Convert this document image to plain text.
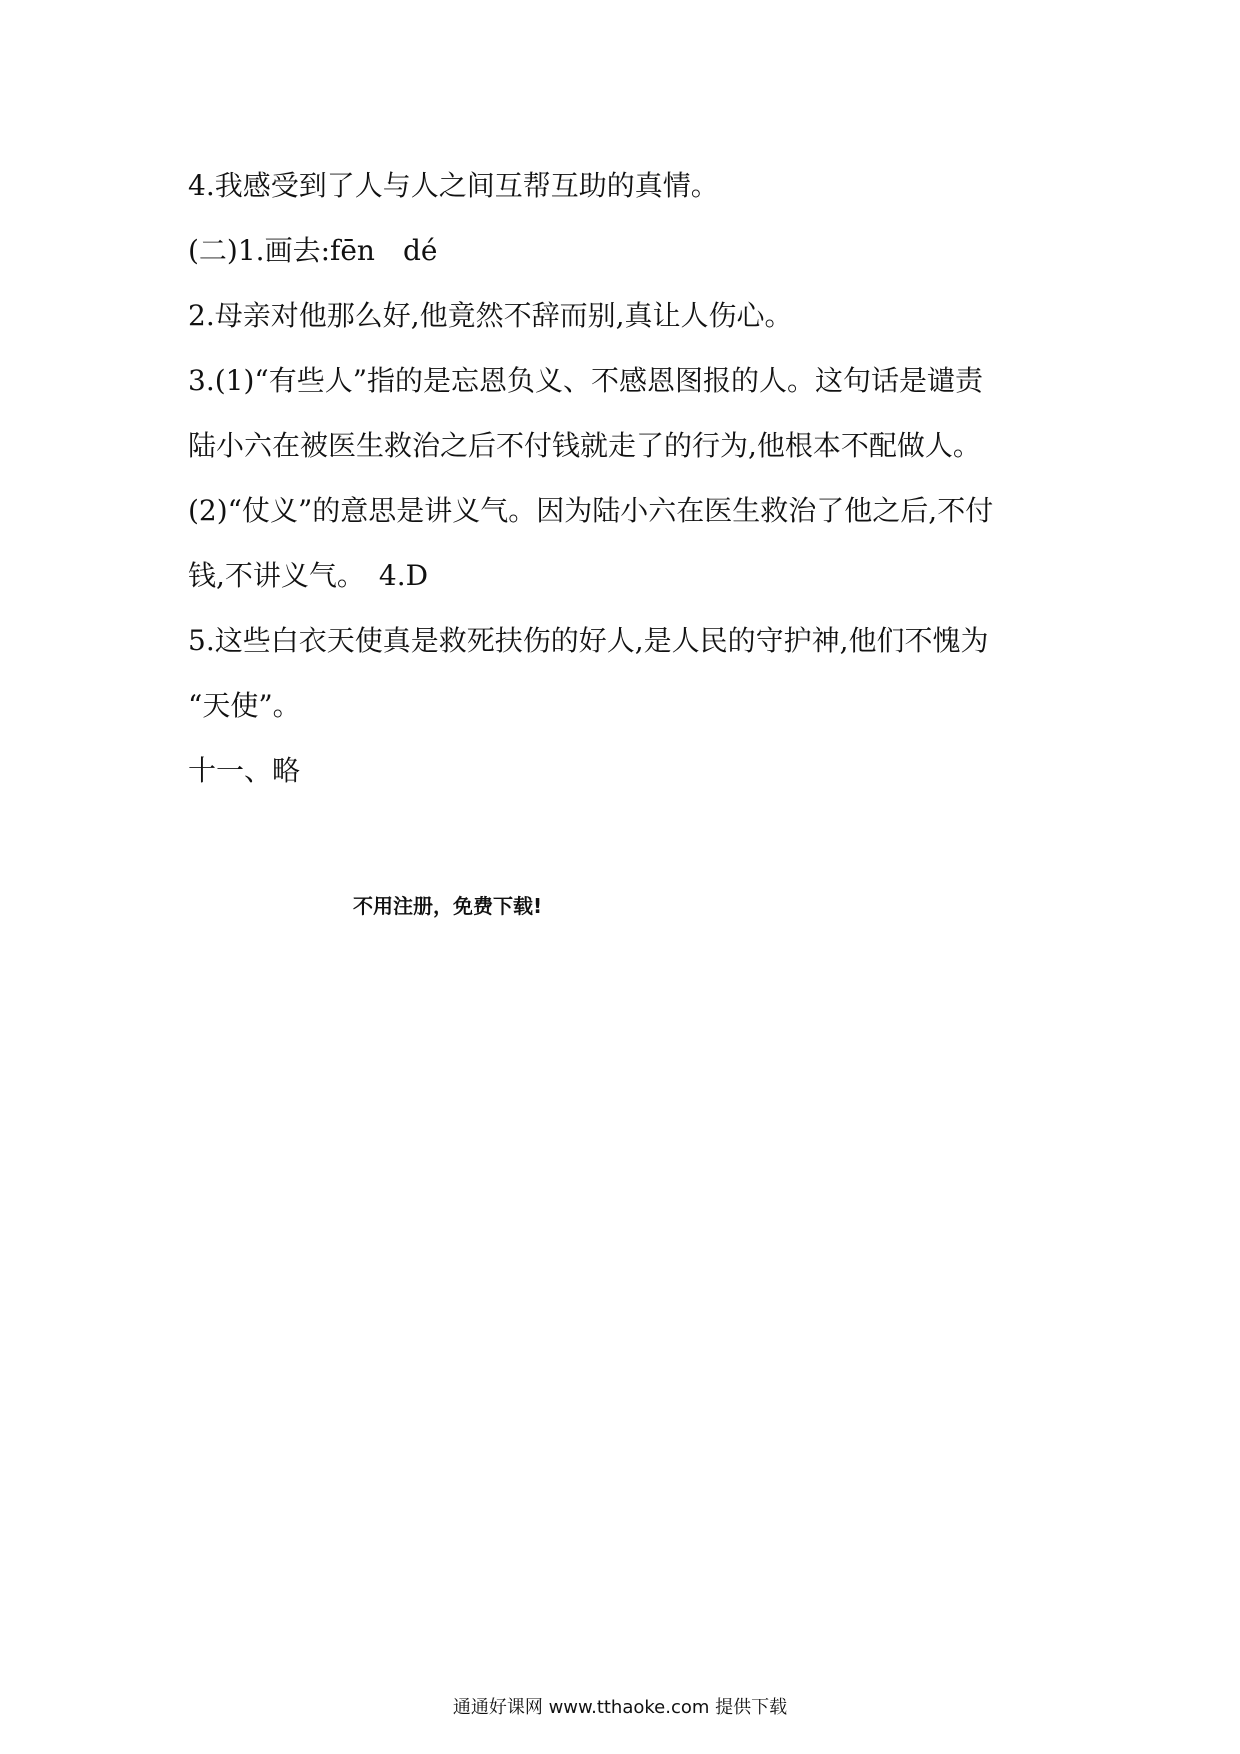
4.我感受到了人与人之间互帮互助的真情。
(二)1.画去:fēn　dé
2.母亲对他那么好,他竟然不辞而别,真让人伤心。
3.(1)“有些人”指的是忘恩负义、不感恩图报的人。这句话是谴责
陆小六在被医生救治之后不付钱就走了的行为,他根本不配做人。
(2)“仗义”的意思是讲义气。因为陆小六在医生救治了他之后,不付
钱,不讲义气。　4.D
5.这些白衣天使真是救死扶伤的好人,是人民的守护神,他们不愧为
“天使”。
十一、略
不用注册，免费下载!
通通好课网 www.tthaoke.com 提供下载
